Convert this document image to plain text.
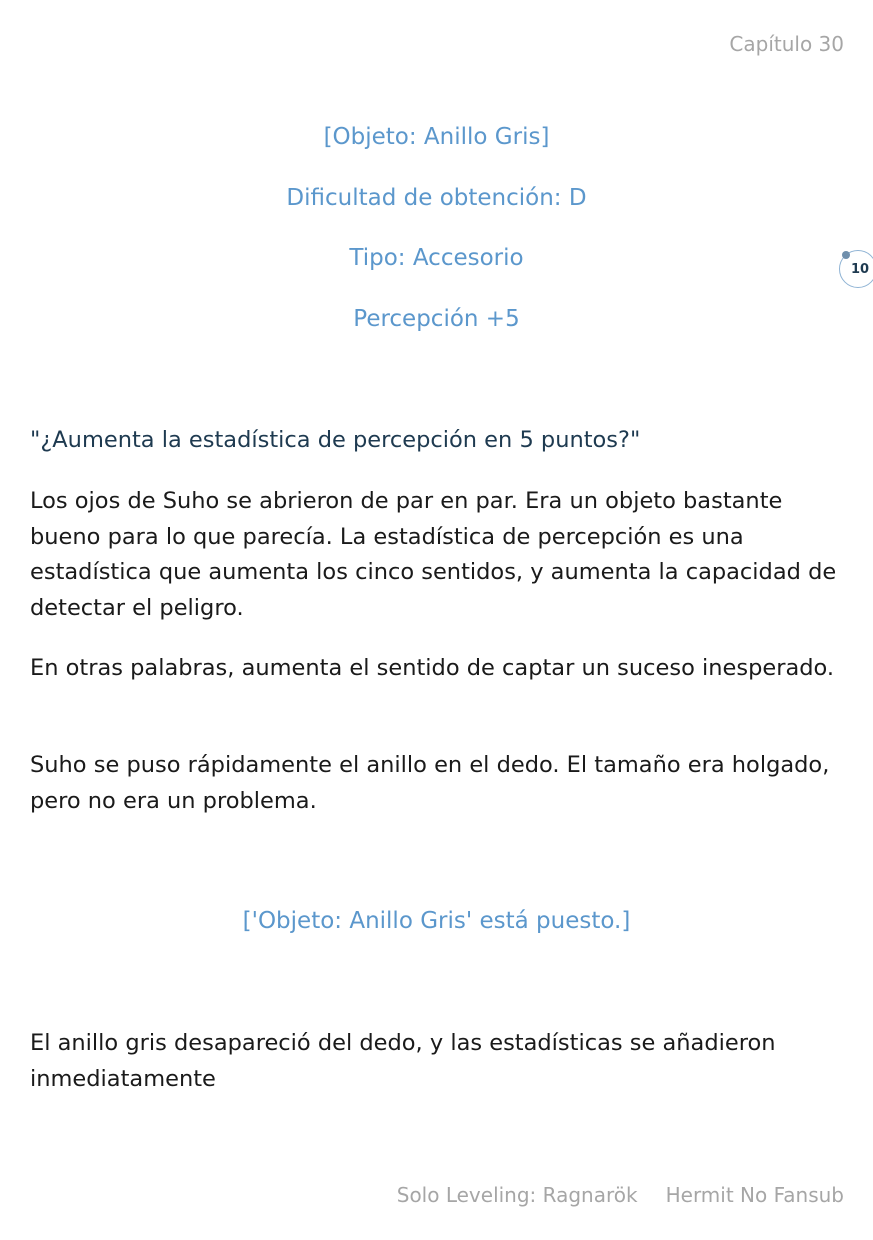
Capítulo 30
[Objeto: Anillo Gris]
Dificultad de obtención: D
Tipo: Accesorio
Percepción +5
10

"¿Aumenta la estadística de percepción en 5 puntos?"

Los ojos de Suho se abrieron de par en par. Era un objeto bastante bueno para lo que parecía. La estadística de percepción es una estadística que aumenta los cinco sentidos, y aumenta la capacidad de detectar el peligro.

En otras palabras, aumenta el sentido de captar un suceso inesperado.

Suho se puso rápidamente el anillo en el dedo. El tamaño era holgado, pero no era un problema.

['Objeto: Anillo Gris' está puesto.]

El anillo gris desapareció del dedo, y las estadísticas se añadieron inmediatamente

Solo Leveling: Ragnarök Hermit No Fansub
